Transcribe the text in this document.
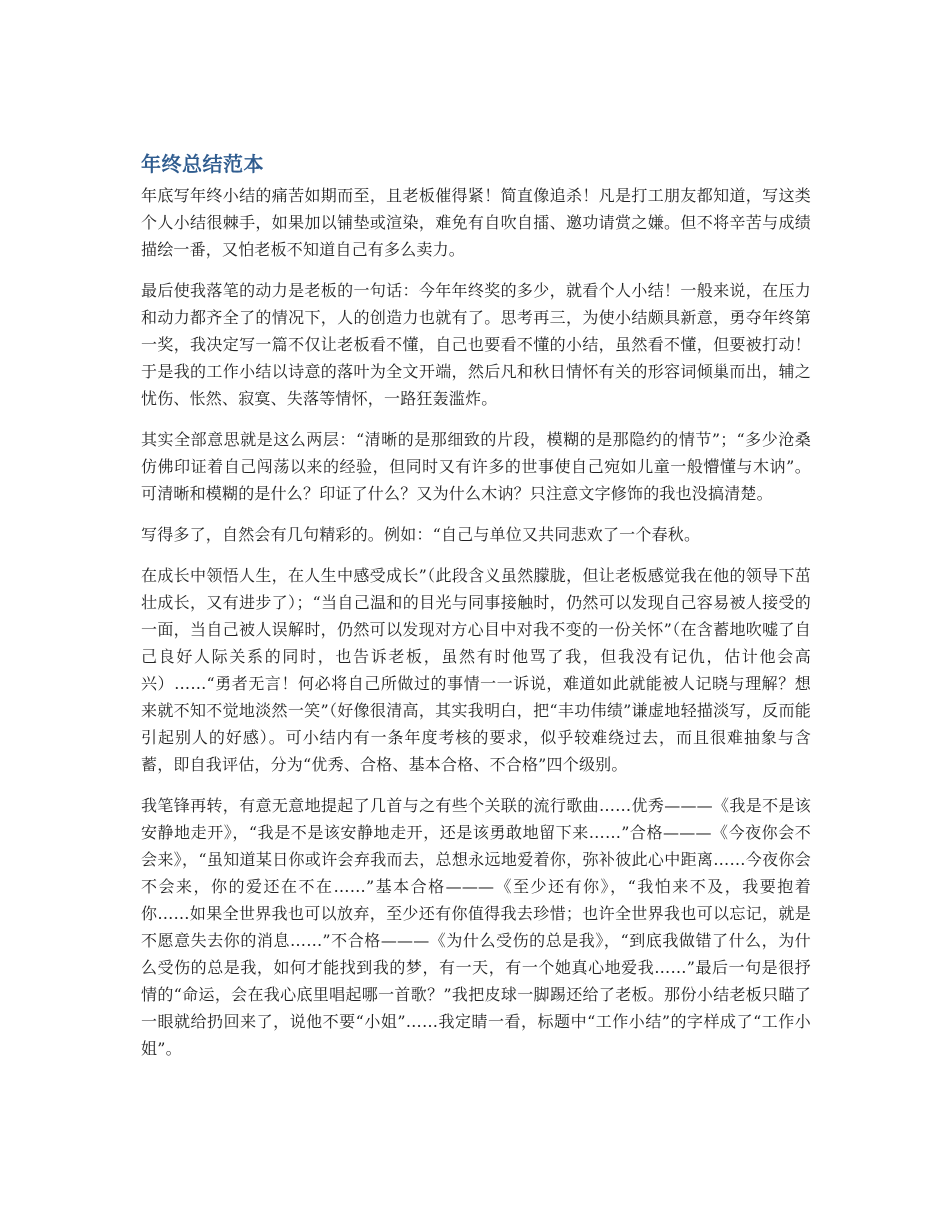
年终总结范本

年底写年终小结的痛苦如期而至，且老板催得紧！简直像追杀！凡是打工朋友都知道，写这类个人小结很棘手，如果加以铺垫或渲染，难免有自吹自擂、邀功请赏之嫌。但不将辛苦与成绩描绘一番，又怕老板不知道自己有多么卖力。

最后使我落笔的动力是老板的一句话：今年年终奖的多少，就看个人小结！一般来说，在压力和动力都齐全了的情况下，人的创造力也就有了。思考再三，为使小结颇具新意，勇夺年终第一奖，我决定写一篇不仅让老板看不懂，自己也要看不懂的小结，虽然看不懂，但要被打动！于是我的工作小结以诗意的落叶为全文开端，然后凡和秋日情怀有关的形容词倾巢而出，辅之忧伤、怅然、寂寞、失落等情怀，一路狂轰滥炸。

其实全部意思就是这么两层：“清晰的是那细致的片段，模糊的是那隐约的情节”；“多少沧桑仿佛印证着自己闯荡以来的经验，但同时又有许多的世事使自己宛如儿童一般懵懂与木讷”。可清晰和模糊的是什么？印证了什么？又为什么木讷？只注意文字修饰的我也没搞清楚。

写得多了，自然会有几句精彩的。例如：“自己与单位又共同悲欢了一个春秋。

在成长中领悟人生，在人生中感受成长”（此段含义虽然朦胧，但让老板感觉我在他的领导下茁壮成长，又有进步了）；“当自己温和的目光与同事接触时，仍然可以发现自己容易被人接受的一面，当自己被人误解时，仍然可以发现对方心目中对我不变的一份关怀”（在含蓄地吹嘘了自己良好人际关系的同时，也告诉老板，虽然有时他骂了我，但我没有记仇，估计他会高兴）……“勇者无言！何必将自己所做过的事情一一诉说，难道如此就能被人记晓与理解？想来就不知不觉地淡然一笑”（好像很清高，其实我明白，把“丰功伟绩”谦虚地轻描淡写，反而能引起别人的好感）。可小结内有一条年度考核的要求，似乎较难绕过去，而且很难抽象与含蓄，即自我评估，分为“优秀、合格、基本合格、不合格”四个级别。

我笔锋再转，有意无意地提起了几首与之有些个关联的流行歌曲……优秀———《我是不是该安静地走开》，“我是不是该安静地走开，还是该勇敢地留下来……”合格———《今夜你会不会来》，“虽知道某日你或许会弃我而去，总想永远地爱着你，弥补彼此心中距离……今夜你会不会来，你的爱还在不在……”基本合格———《至少还有你》，“我怕来不及，我要抱着你……如果全世界我也可以放弃，至少还有你值得我去珍惜；也许全世界我也可以忘记，就是不愿意失去你的消息……”不合格———《为什么受伤的总是我》，“到底我做错了什么，为什么受伤的总是我，如何才能找到我的梦，有一天，有一个她真心地爱我……”最后一句是很抒情的“命运，会在我心底里唱起哪一首歌？”我把皮球一脚踢还给了老板。那份小结老板只瞄了一眼就给扔回来了，说他不要“小姐”……我定睛一看，标题中“工作小结”的字样成了“工作小姐”。
